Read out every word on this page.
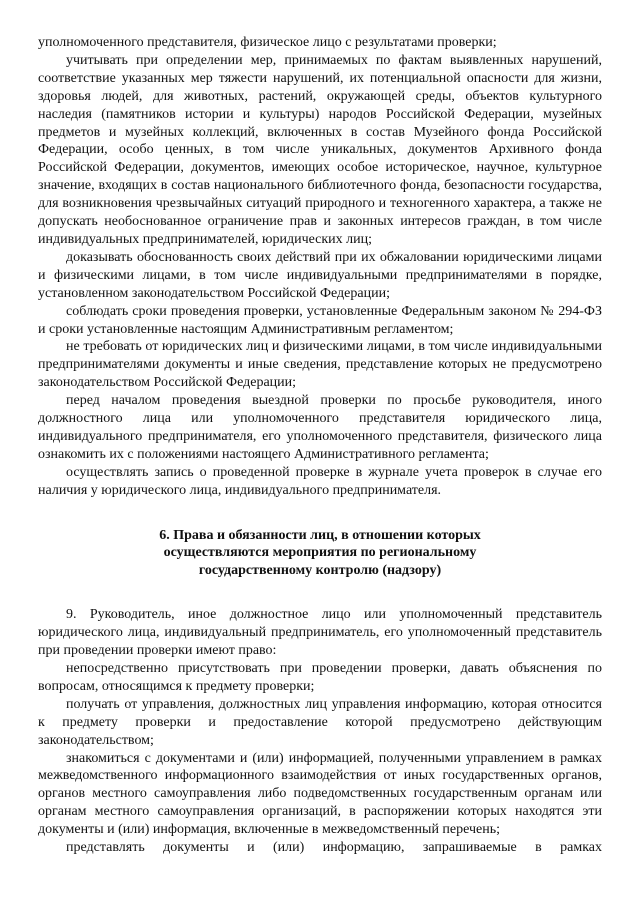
уполномоченного представителя, физическое лицо с результатами проверки;

учитывать при определении мер, принимаемых по фактам выявленных нарушений, соответствие указанных мер тяжести нарушений, их потенциальной опасности для жизни, здоровья людей, для животных, растений, окружающей среды, объектов культурного наследия (памятников истории и культуры) народов Российской Федерации, музейных предметов и музейных коллекций, включенных в состав Музейного фонда Российской Федерации, особо ценных, в том числе уникальных, документов Архивного фонда Российской Федерации, документов, имеющих особое историческое, научное, культурное значение, входящих в состав национального библиотечного фонда, безопасности государства, для возникновения чрезвычайных ситуаций природного и техногенного характера, а также не допускать необоснованное ограничение прав и законных интересов граждан, в том числе индивидуальных предпринимателей, юридических лиц;

доказывать обоснованность своих действий при их обжаловании юридическими лицами и физическими лицами, в том числе индивидуальными предпринимателями в порядке, установленном законодательством Российской Федерации;

соблюдать сроки проведения проверки, установленные Федеральным законом № 294-ФЗ и сроки установленные настоящим Административным регламентом;

не требовать от юридических лиц и физическими лицами, в том числе индивидуальными предпринимателями документы и иные сведения, представление которых не предусмотрено законодательством Российской Федерации;

перед началом проведения выездной проверки по просьбе руководителя, иного должностного лица или уполномоченного представителя юридического лица, индивидуального предпринимателя, его уполномоченного представителя, физического лица ознакомить их с положениями настоящего Административного регламента;

осуществлять запись о проведенной проверке в журнале учета проверок в случае его наличия у юридического лица, индивидуального предпринимателя.

6. Права и обязанности лиц, в отношении которых
осуществляются мероприятия по региональному
государственному контролю (надзору)

9. Руководитель, иное должностное лицо или уполномоченный представитель юридического лица, индивидуальный предприниматель, его уполномоченный представитель при проведении проверки имеют право:

непосредственно присутствовать при проведении проверки, давать объяснения по вопросам, относящимся к предмету проверки;

получать от управления, должностных лиц управления информацию, которая относится к предмету проверки и предоставление которой предусмотрено действующим законодательством;

знакомиться с документами и (или) информацией, полученными управлением в рамках межведомственного информационного взаимодействия от иных государственных органов, органов местного самоуправления либо подведомственных государственным органам или органам местного самоуправления организаций, в распоряжении которых находятся эти документы и (или) информация, включенные в межведомственный перечень;

представлять документы и (или) информацию, запрашиваемые в рамках
